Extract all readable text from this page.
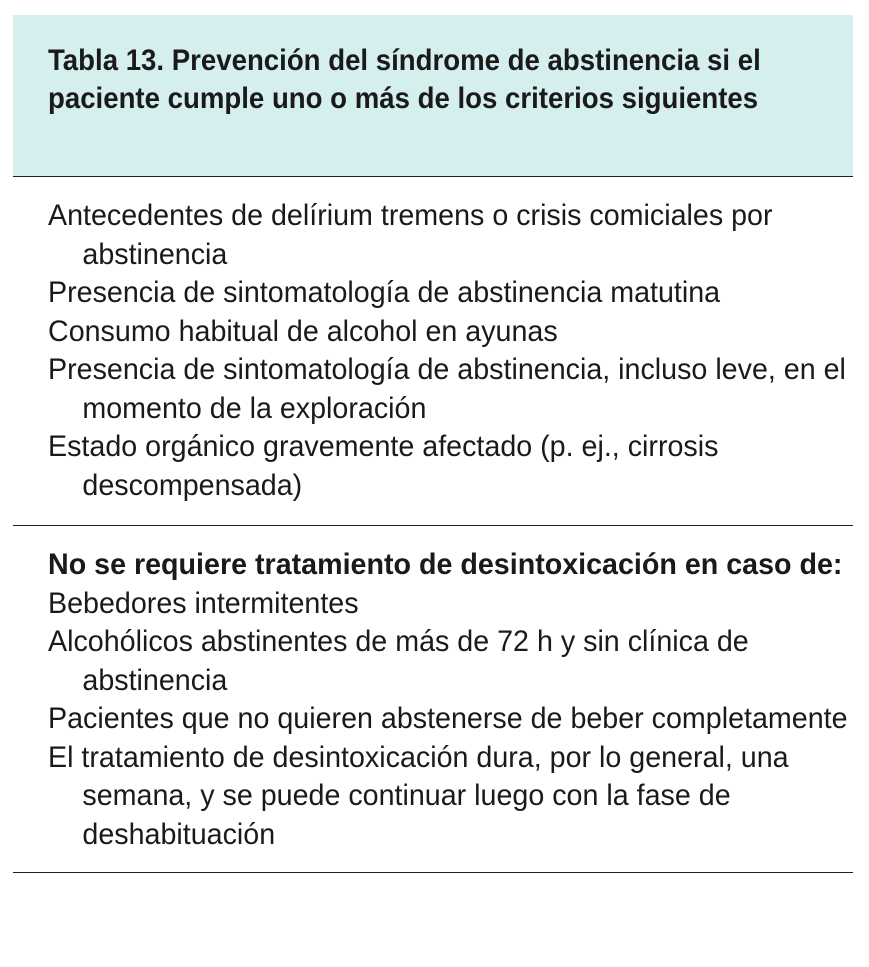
Tabla 13. Prevención del síndrome de abstinencia si el paciente cumple uno o más de los criterios siguientes

Antecedentes de delírium tremens o crisis comiciales por abstinencia

Presencia de sintomatología de abstinencia matutina

Consumo habitual de alcohol en ayunas

Presencia de sintomatología de abstinencia, incluso leve, en el momento de la exploración

Estado orgánico gravemente afectado (p. ej., cirrosis descompensada)

No se requiere tratamiento de desintoxicación en caso de:

Bebedores intermitentes

Alcohólicos abstinentes de más de 72 h y sin clínica de abstinencia

Pacientes que no quieren abstenerse de beber completamente

El tratamiento de desintoxicación dura, por lo general, una semana, y se puede continuar luego con la fase de deshabituación
